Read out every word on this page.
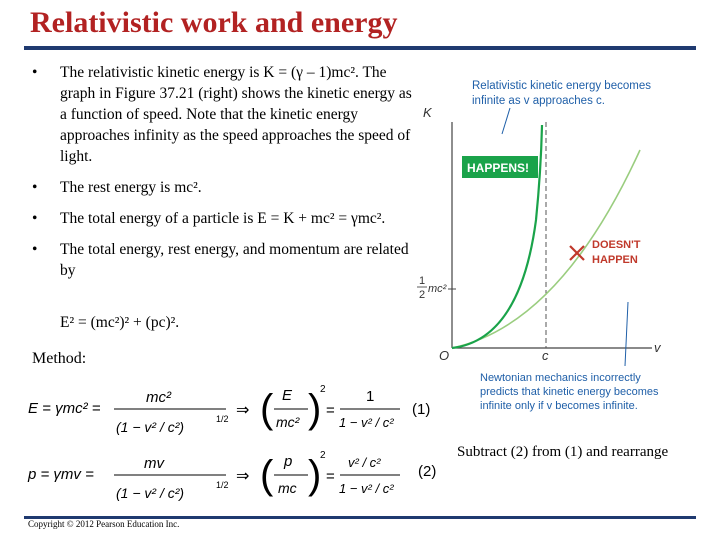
Relativistic work and energy
• The relativistic kinetic energy is K = (γ – 1)mc². The graph in Figure 37.21 (right) shows the kinetic energy as a function of speed. Note that the kinetic energy approaches infinity as the speed approaches the speed of light.
• The rest energy is mc².
• The total energy of a particle is E = K + mc² = γmc².
• The total energy, rest energy, and momentum are related by
E² = (mc²)² + (pc)².
Method:
Relativistic kinetic energy becomes
infinite as v approaches c.
K
v
O	c
1
2 mc²
HAPPENS!
DOESN'T
HAPPEN
Newtonian mechanics incorrectly
predicts that kinetic energy becomes
infinite only if v becomes infinite.
E = γmc² =
mc²
(1 − v² / c²)	1/2 ⇒ ( E
mc² )
2
=
1
1 − v² / c²
(1)
p = γmv =
mv
(1 − v² / c²)	1/2 ⇒ ( p
mc )
2
=
v² / c²
1 − v² / c²
(2)
Subtract (2) from (1) and rearrange
Copyright © 2012 Pearson Education Inc.
